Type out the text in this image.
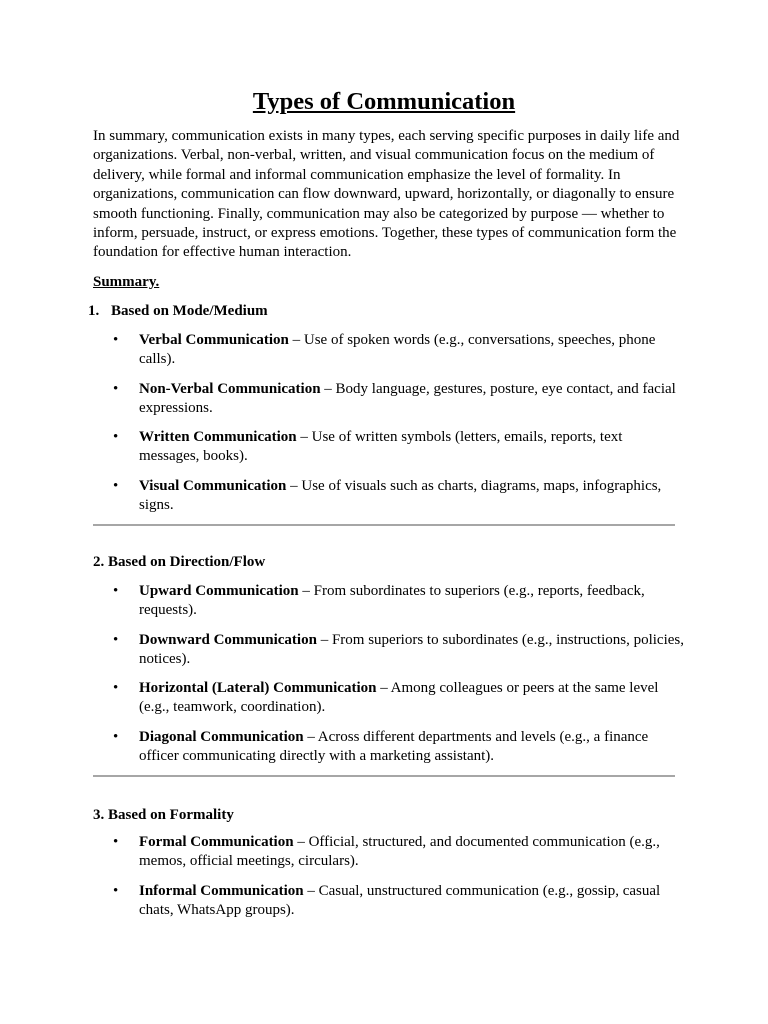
Types of Communication

In summary, communication exists in many types, each serving specific purposes in daily life and organizations. Verbal, non-verbal, written, and visual communication focus on the medium of delivery, while formal and informal communication emphasize the level of formality. In organizations, communication can flow downward, upward, horizontally, or diagonally to ensure smooth functioning. Finally, communication may also be categorized by purpose — whether to inform, persuade, instruct, or express emotions. Together, these types of communication form the foundation for effective human interaction.

Summary.
1. Based on Mode/Medium
• Verbal Communication – Use of spoken words (e.g., conversations, speeches, phone calls).
• Non-Verbal Communication – Body language, gestures, posture, eye contact, and facial expressions.
• Written Communication – Use of written symbols (letters, emails, reports, text messages, books).
• Visual Communication – Use of visuals such as charts, diagrams, maps, infographics, signs.
2. Based on Direction/Flow
• Upward Communication – From subordinates to superiors (e.g., reports, feedback, requests).
• Downward Communication – From superiors to subordinates (e.g., instructions, policies, notices).
• Horizontal (Lateral) Communication – Among colleagues or peers at the same level (e.g., teamwork, coordination).
• Diagonal Communication – Across different departments and levels (e.g., a finance officer communicating directly with a marketing assistant).
3. Based on Formality
• Formal Communication – Official, structured, and documented communication (e.g., memos, official meetings, circulars).
• Informal Communication – Casual, unstructured communication (e.g., gossip, casual chats, WhatsApp groups).
